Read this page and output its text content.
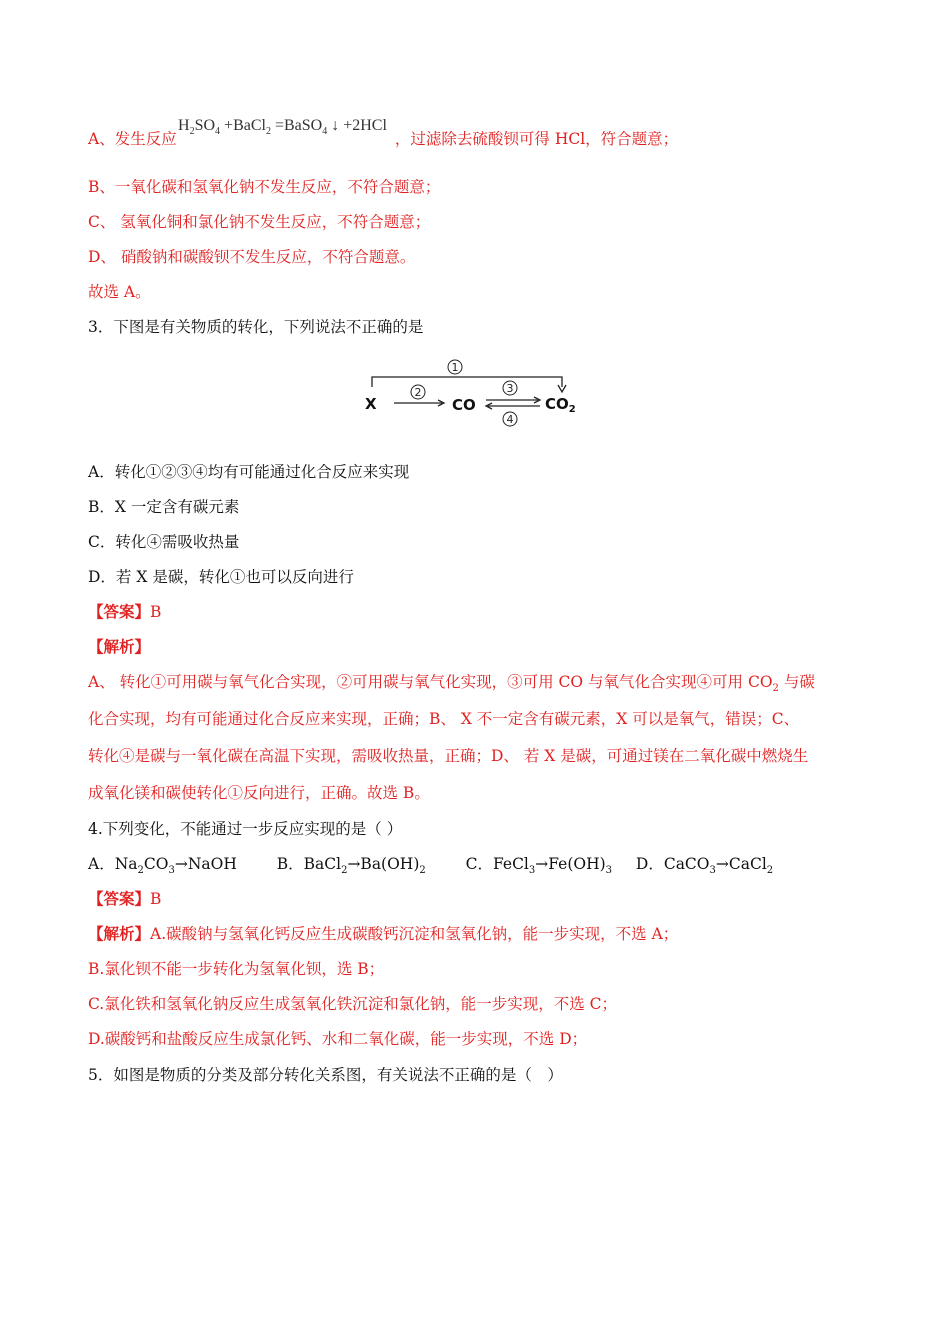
A、发生反应 $H_2SO_4$ +BaCl$_2$ =BaSO$_4$ ↓ +2HCl  ，过滤除去硫酸钡可得 HCl，符合题意；
B、一氧化碳和氢氧化钠不发生反应，不符合题意；
C、 氢氧化铜和氯化钠不发生反应，不符合题意；
D、 硝酸钠和碳酸钡不发生反应，不符合题意。
故选 A。
3．下图是有关物质的转化，下列说法不正确的是
1
X
2
CO
3
4
$CO_2$
A．转化①②③④均有可能通过化合反应来实现
B．X 一定含有碳元素
C．转化④需吸收热量
D．若 X 是碳，转化①也可以反向进行
【答案】B
【解析】
A、 转化①可用碳与氧气化合实现，②可用碳与氧气化实现，③可用 CO 与氧气化合实现④可用 $CO_2$ 与碳
化合实现，均有可能通过化合反应来实现，正确；B、 X 不一定含有碳元素，X 可以是氧气，错误；C、
转化④是碳与一氧化碳在高温下实现，需吸收热量，正确；D、 若 X 是碳，可通过镁在二氧化碳中燃烧生
成氧化镁和碳使转化①反向进行，正确。故选 B。
4.下列变化，不能通过一步反应实现的是（ ）
A．$Na_2CO_3\to NaOH$	B．$BaCl_2\to Ba(OH)_2$	C．$FeCl_3\to Fe(OH)_3$ D．CaCO$_3$→CaCl$_2$
【答案】B
【解析】A.碳酸钠与氢氧化钙反应生成碳酸钙沉淀和氢氧化钠，能一步实现，不选 A；
B.氯化钡不能一步转化为氢氧化钡，选 B；
C.氯化铁和氢氧化钠反应生成氢氧化铁沉淀和氯化钠，能一步实现，不选 C；
D.碳酸钙和盐酸反应生成氯化钙、水和二氧化碳，能一步实现，不选 D；
5．如图是物质的分类及部分转化关系图，有关说法不正确的是（　）
